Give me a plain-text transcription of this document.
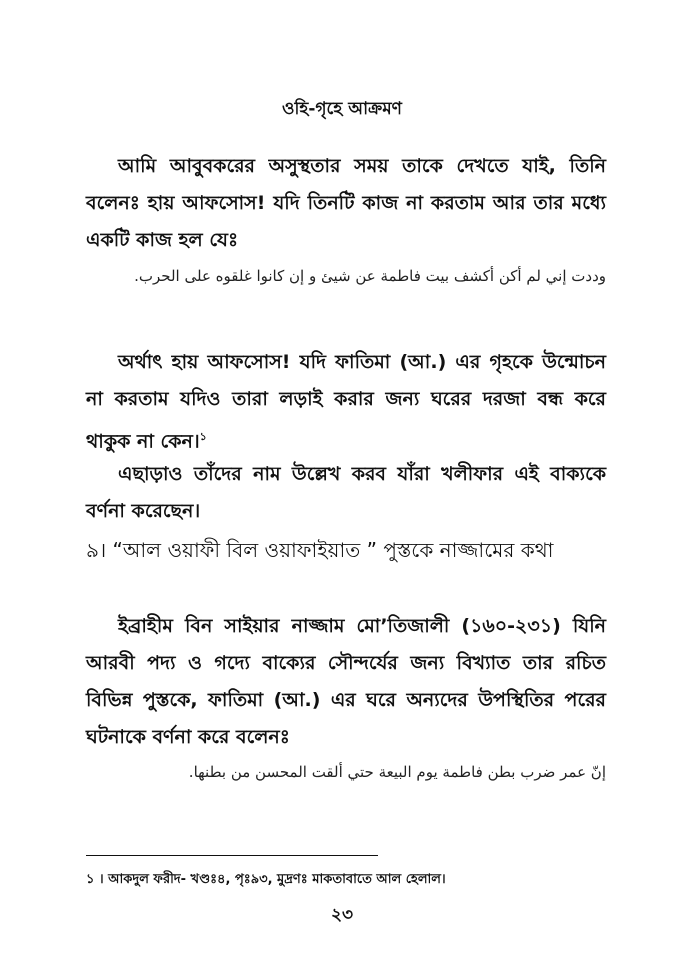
ওহি-গৃহে আক্রমণ
আমি আবুবকরের অসুস্থতার সময় তাকে দেখতে যাই, তিনি বলেনঃ হায় আফসোস! যদি তিনটি কাজ না করতাম আর তার মধ্যে একটি কাজ হল যেঃ
وددت إني لم أكن أكشف بيت فاطمة عن شيئ و إن كانوا غلقوه على الحرب.
অর্থাৎ হায় আফসোস! যদি ফাতিমা (আ.) এর গৃহকে উন্মোচন না করতাম যদিও তারা লড়াই করার জন্য ঘরের দরজা বন্ধ করে থাকুক না কেন।$^১$
এছাড়াও তাঁদের নাম উল্লেখ করব যাঁরা খলীফার এই বাক্যকে বর্ণনা করেছেন।
৯। “আল ওয়াফী বিল ওয়াফাইয়াত ” পুস্তকে নাজ্জামের কথা
ইব্রাহীম বিন সাইয়ার নাজ্জাম মো’তিজালী (১৬০-২৩১) যিনি আরবী পদ্য ও গদ্যে বাক্যের সৌন্দর্যের জন্য বিখ্যাত তার রচিত বিভিন্ন পুস্তকে, ফাতিমা (আ.) এর ঘরে অন্যদের উপস্থিতির পরের ঘটনাকে বর্ণনা করে বলেনঃ
إنّ عمر ضرب بطن فاطمة يوم البيعة حتي ألقت المحسن من بطنها.
১ । আকদুল ফরীদ- খণ্ডঃ৪, পৃঃ৯৩, মুদ্রণঃ মাকতাবাতে আল হেলাল।
২৩
